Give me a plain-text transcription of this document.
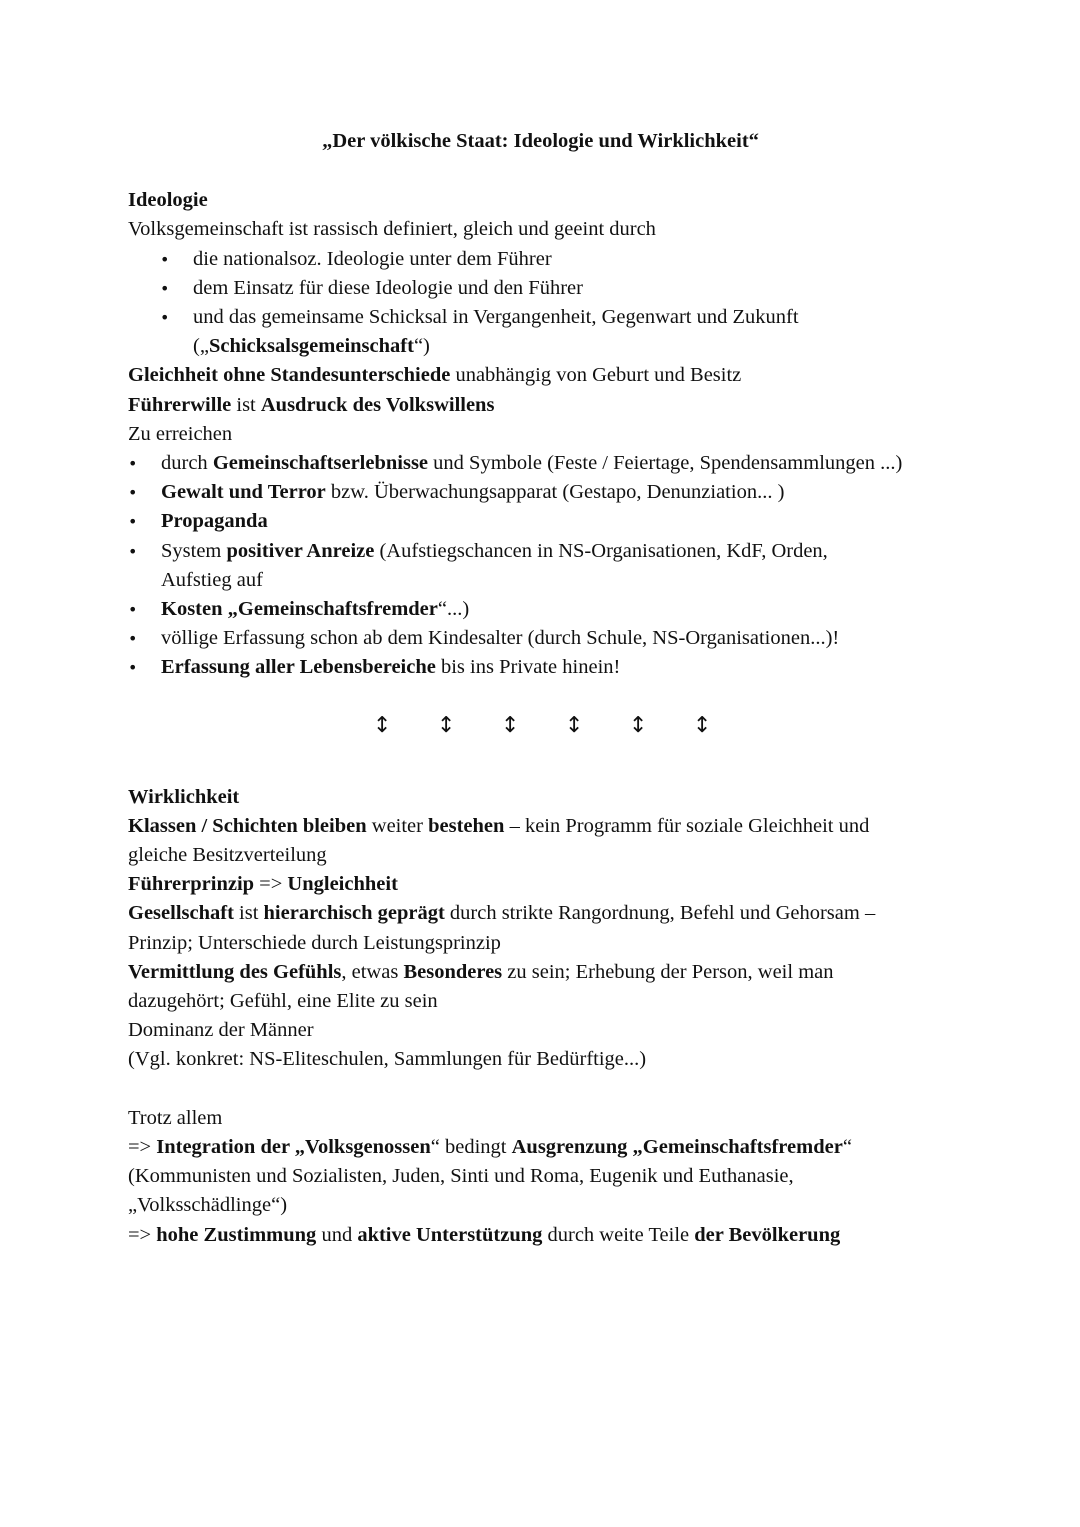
„Der völkische Staat: Ideologie und Wirklichkeit“
Ideologie
Volksgemeinschaft ist rassisch definiert, gleich und geeint durch
• die nationalsoz. Ideologie unter dem Führer
• dem Einsatz für diese Ideologie und den Führer
• und das gemeinsame Schicksal in Vergangenheit, Gegenwart und Zukunft
(„Schicksalsgemeinschaft“)
Gleichheit ohne Standesunterschiede unabhängig von Geburt und Besitz
Führerwille ist Ausdruck des Volkswillens
Zu erreichen
• durch Gemeinschaftserlebnisse und Symbole (Feste / Feiertage, Spendensammlungen ...)
• Gewalt und Terror bzw. Überwachungsapparat (Gestapo, Denunziation... )
• Propaganda
• System positiver Anreize (Aufstiegschancen in NS-Organisationen, KdF, Orden,
Aufstieg auf
• Kosten „Gemeinschaftsfremder“...)
• völlige Erfassung schon ab dem Kindesalter (durch Schule, NS-Organisationen...)!
• Erfassung aller Lebensbereiche bis ins Private hinein!
↕ ↕ ↕ ↕ ↕ ↕
Wirklichkeit
Klassen / Schichten bleiben weiter bestehen – kein Programm für soziale Gleichheit und
gleiche Besitzverteilung
Führerprinzip => Ungleichheit
Gesellschaft ist hierarchisch geprägt durch strikte Rangordnung, Befehl und Gehorsam –
Prinzip; Unterschiede durch Leistungsprinzip
Vermittlung des Gefühls, etwas Besonderes zu sein; Erhebung der Person, weil man
dazugehört; Gefühl, eine Elite zu sein
Dominanz der Männer
(Vgl. konkret: NS-Eliteschulen, Sammlungen für Bedürftige...)
Trotz allem
=> Integration der „Volksgenossen“ bedingt Ausgrenzung „Gemeinschaftsfremder“
(Kommunisten und Sozialisten, Juden, Sinti und Roma, Eugenik und Euthanasie,
„Volksschädlinge“)
=> hohe Zustimmung und aktive Unterstützung durch weite Teile der Bevölkerung
